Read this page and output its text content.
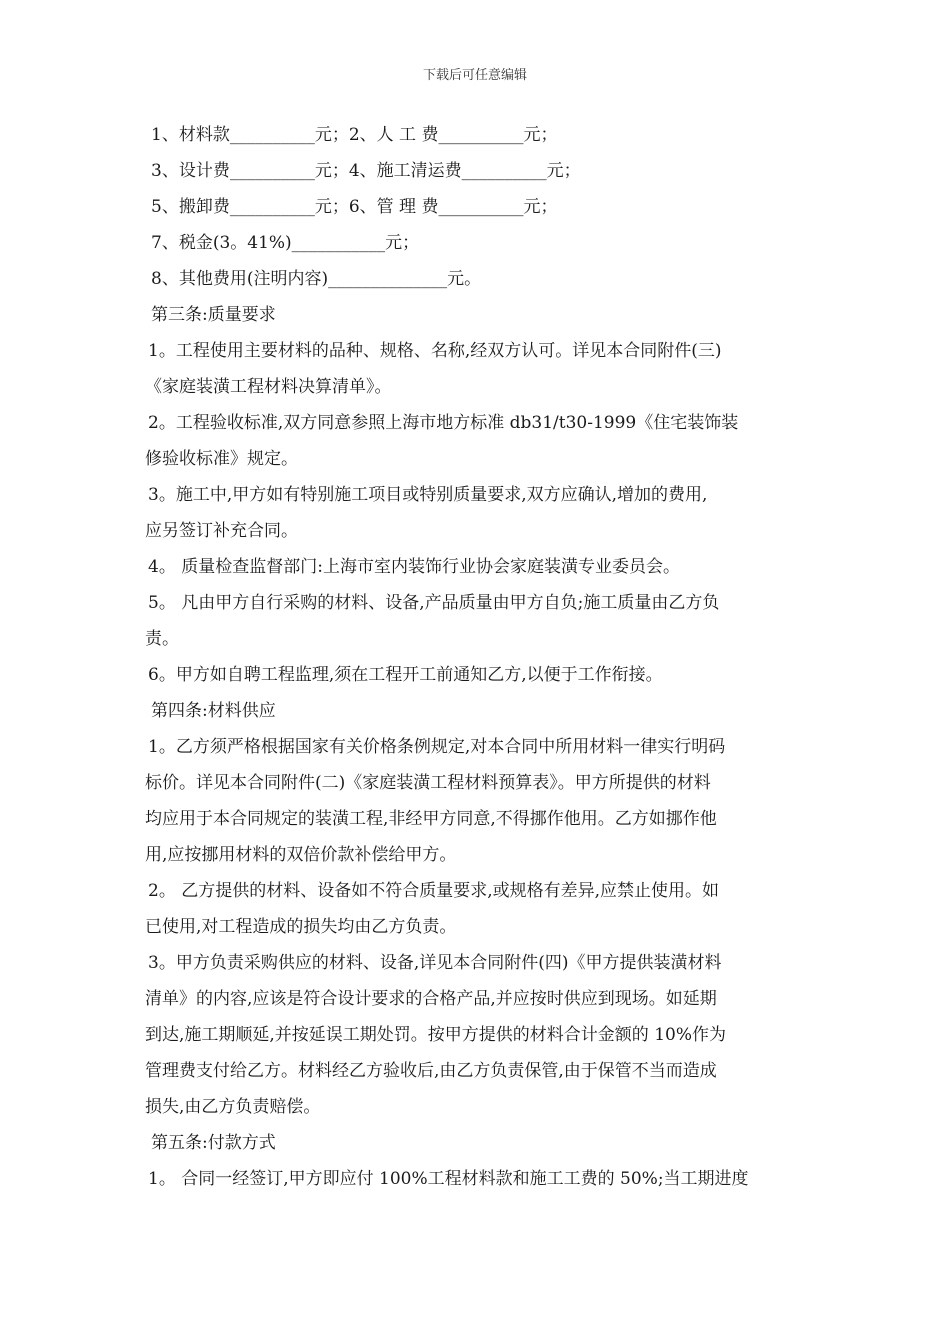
下载后可任意编辑
1、材料款__________元；2、人 工 费__________元；
3、设计费__________元；4、施工清运费__________元；
5、搬卸费__________元；6、管 理 费__________元；
7、税金(3。41%)___________元；
8、其他费用(注明内容)______________元。
第三条:质量要求
1。工程使用主要材料的品种、规格、名称,经双方认可。详见本合同附件(三)
《家庭装潢工程材料决算清单》。
2。工程验收标准,双方同意参照上海市地方标准 db31/t30-1999《住宅装饰装
修验收标准》规定。
3。施工中,甲方如有特别施工项目或特别质量要求,双方应确认,增加的费用,
应另签订补充合同。
4。 质量检查监督部门:上海市室内装饰行业协会家庭装潢专业委员会。
5。 凡由甲方自行采购的材料、设备,产品质量由甲方自负;施工质量由乙方负
责。
6。甲方如自聘工程监理,须在工程开工前通知乙方,以便于工作衔接。
第四条:材料供应
1。乙方须严格根据国家有关价格条例规定,对本合同中所用材料一律实行明码
标价。详见本合同附件(二)《家庭装潢工程材料预算表》。甲方所提供的材料
均应用于本合同规定的装潢工程,非经甲方同意,不得挪作他用。乙方如挪作他
用,应按挪用材料的双倍价款补偿给甲方。
2。 乙方提供的材料、设备如不符合质量要求,或规格有差异,应禁止使用。如
已使用,对工程造成的损失均由乙方负责。
3。甲方负责采购供应的材料、设备,详见本合同附件(四)《甲方提供装潢材料
清单》的内容,应该是符合设计要求的合格产品,并应按时供应到现场。如延期
到达,施工期顺延,并按延误工期处罚。按甲方提供的材料合计金额的 10%作为
管理费支付给乙方。材料经乙方验收后,由乙方负责保管,由于保管不当而造成
损失,由乙方负责赔偿。
第五条:付款方式
1。 合同一经签订,甲方即应付 100%工程材料款和施工工费的 50%;当工期进度
